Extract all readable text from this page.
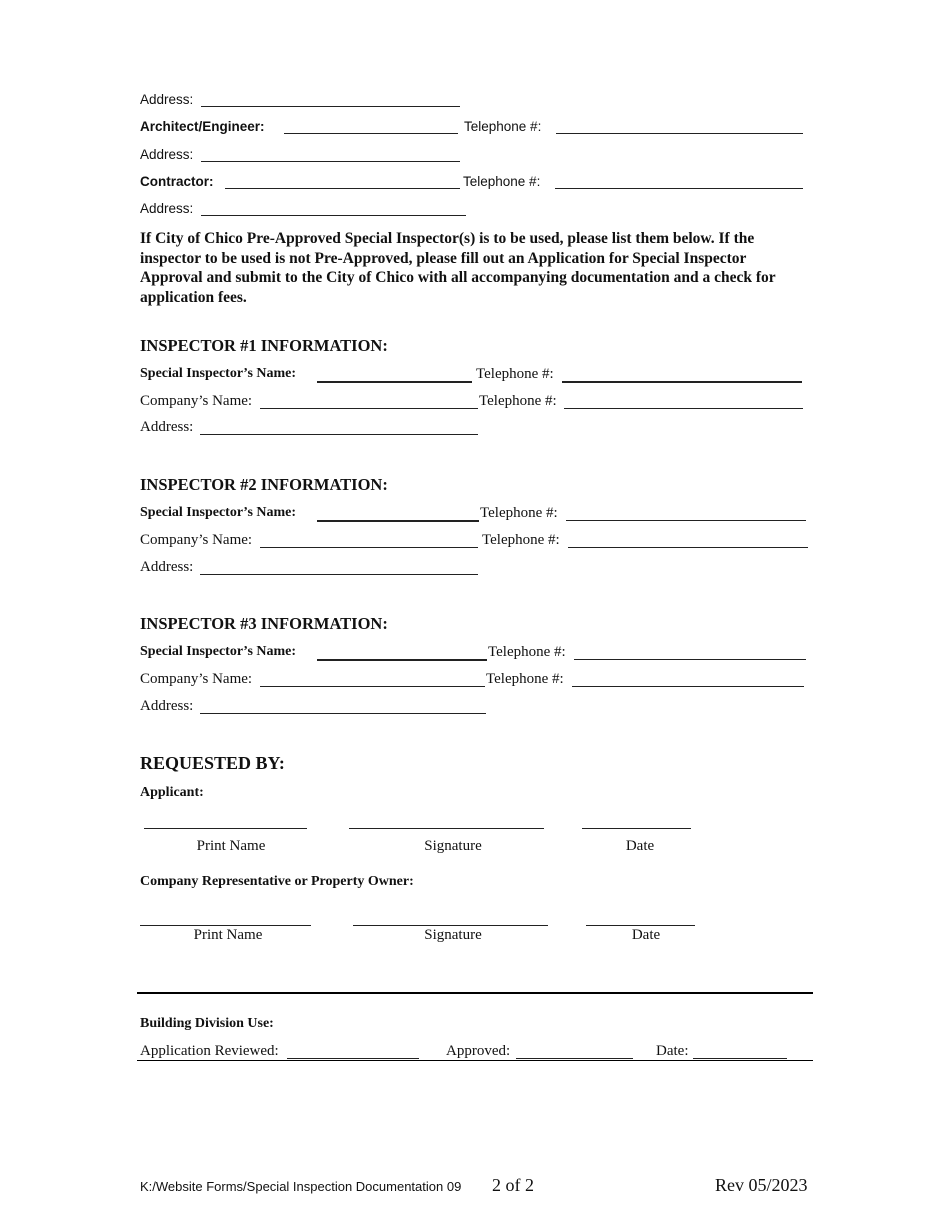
Address:
Architect/Engineer:	Telephone #:
Address:
Contractor:	Telephone #:
Address:
If City of Chico Pre-Approved Special Inspector(s) is to be used, please list them below. If the inspector to be used is not Pre-Approved, please fill out an Application for Special Inspector Approval and submit to the City of Chico with all accompanying documentation and a check for application fees.
INSPECTOR #1 INFORMATION:
Special Inspector’s Name:	Telephone #:
Company’s Name:	Telephone #:
Address:
INSPECTOR #2 INFORMATION:
Special Inspector’s Name:	Telephone #:
Company’s Name:	Telephone #:
Address:
INSPECTOR #3 INFORMATION:
Special Inspector’s Name:	Telephone #:
Company’s Name:	Telephone #:
Address:
REQUESTED BY:
Applicant:
Print Name	Signature	Date
Company Representative or Property Owner:
Print Name	Signature	Date
Building Division Use:
Application Reviewed:	Approved:	Date:
K:/Website Forms/Special Inspection Documentation 09 2 of 2	Rev 05/2023
